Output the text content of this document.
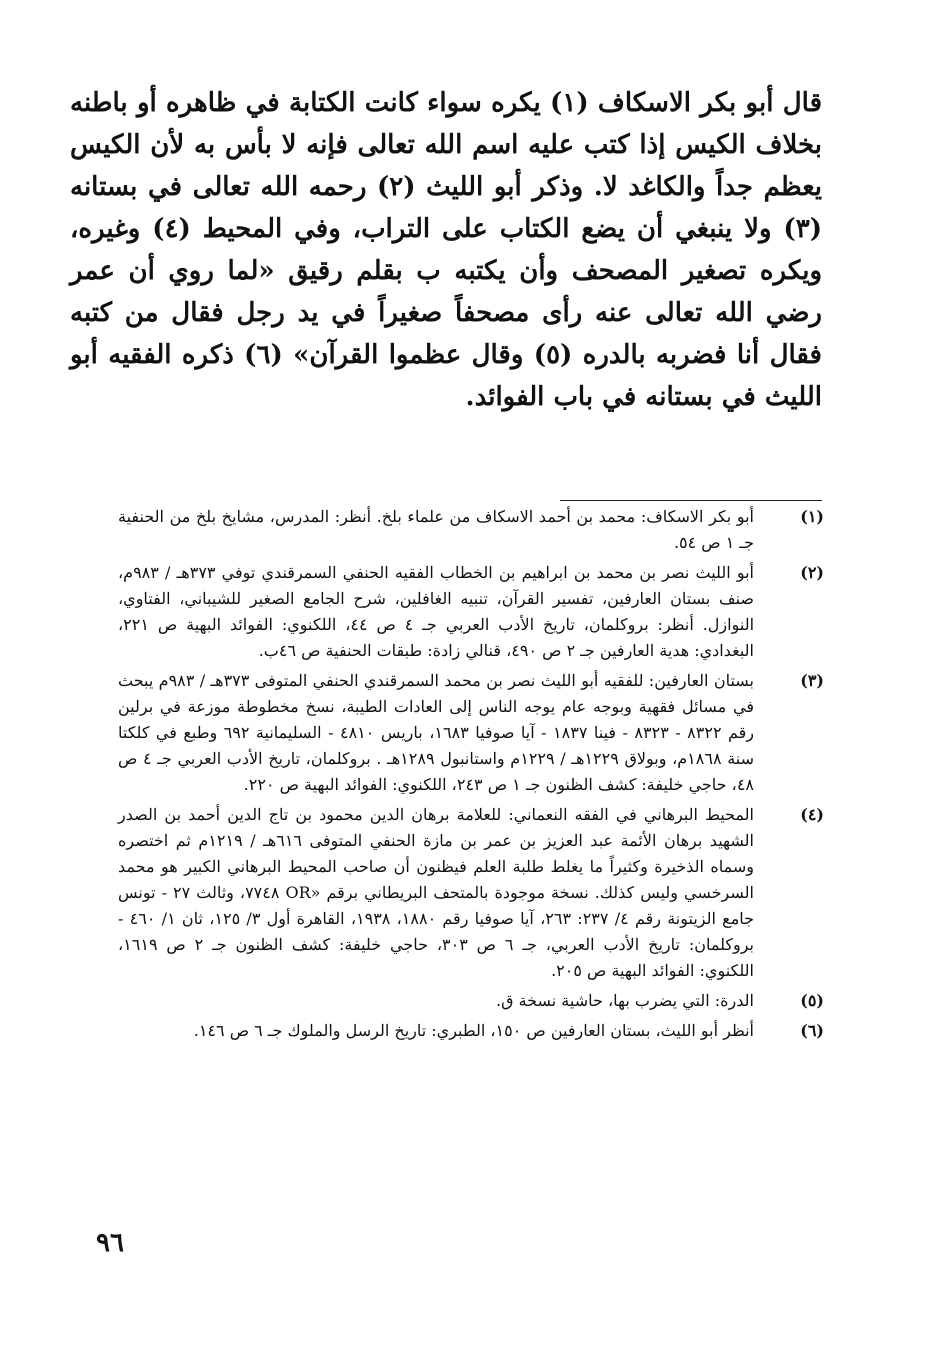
قال أبو بكر الاسكاف (١) يكره سواء كانت الكتابة في ظاهره أو باطنه بخلاف الكيس إذا كتب عليه اسم الله تعالى فإنه لا بأس به لأن الكيس يعظم جداً والكاغد لا. وذكر أبو الليث (٢) رحمه الله تعالى في بستانه (٣) ولا ينبغي أن يضع الكتاب على التراب، وفي المحيط (٤) وغيره، ويكره تصغير المصحف وأن يكتبه ب بقلم رقيق «لما روي أن عمر رضي الله تعالى عنه رأى مصحفاً صغيراً في يد رجل فقال من كتبه فقال أنا فضربه بالدره (٥) وقال عظموا القرآن» (٦) ذكره الفقيه أبو الليث في بستانه في باب الفوائد.

(١)
أبو بكر الاسكاف: محمد بن أحمد الاسكاف من علماء بلخ. أنظر: المدرس، مشايخ بلخ من الحنفية جـ ١ ص ٥٤.
(٢)
أبو الليث نصر بن محمد بن ابراهيم بن الخطاب الفقيه الحنفي السمرقندي توفي ٣٧٣هـ / ٩٨٣م، صنف بستان العارفين، تفسير القرآن، تنبيه الغافلين، شرح الجامع الصغير للشيباني، الفتاوي، النوازل. أنظر: بروكلمان، تاريخ الأدب العربي جـ ٤ ص ٤٤، اللكنوي: الفوائد البهية ص ٢٢١، البغدادي: هدية العارفين جـ ٢ ص ٤٩٠، قنالي زادة: طبقات الحنفية ص ٤٦ب.
(٣)
بستان العارفين: للفقيه أبو الليث نصر بن محمد السمرقندي الحنفي المتوفى ٣٧٣هـ / ٩٨٣م يبحث في مسائل فقهية وبوجه عام يوجه الناس إلى العادات الطيبة، نسخ مخطوطة موزعة في برلين رقم ٨٣٢٢ - ٨٣٢٣ - فينا ١٨٣٧ - آيا صوفيا ١٦٨٣، باريس ٤٨١٠ - السليمانية ٦٩٢ وطبع في كلكتا سنة ١٨٦٨م، وبولاق ١٢٢٩هـ / ١٢٢٩م واستانبول ١٢٨٩هـ . بروكلمان، تاريخ الأدب العربي جـ ٤ ص ٤٨، حاجي خليفة: كشف الظنون جـ ١ ص ٢٤٣، اللكنوي: الفوائد البهية ص ٢٢٠.
(٤)
المحيط البرهاني في الفقه النعماني: للعلامة برهان الدين محمود بن تاج الدين أحمد بن الصدر الشهيد برهان الأئمة عبد العزيز بن عمر بن مازة الحنفي المتوفى ٦١٦هـ / ١٢١٩م ثم اختصره وسماه الذخيرة وكثيراً ما يغلط طلبة العلم فيظنون أن صاحب المحيط البرهاني الكبير هو محمد السرخسي وليس كذلك. نسخة موجودة بالمتحف البريطاني برقم «OR ٧٧٤٨، وثالث ٢٧ - تونس جامع الزيتونة رقم ٤/ ٢٣٧: ٢٦٣، آيا صوفيا رقم ١٨٨٠، ١٩٣٨، القاهرة أول ٣/ ١٢٥، ثان ١/ ٤٦٠ - بروكلمان: تاريخ الأدب العربي، جـ ٦ ص ٣٠٣، حاجي خليفة: كشف الظنون جـ ٢ ص ١٦١٩، اللكنوي: الفوائد البهية ص ٢٠٥.
(٥)
الدرة: التي يضرب بها، حاشية نسخة ق.
(٦)
أنظر أبو الليث، بستان العارفين ص ١٥٠، الطبري: تاريخ الرسل والملوك جـ ٦ ص ١٤٦.
٩٦
